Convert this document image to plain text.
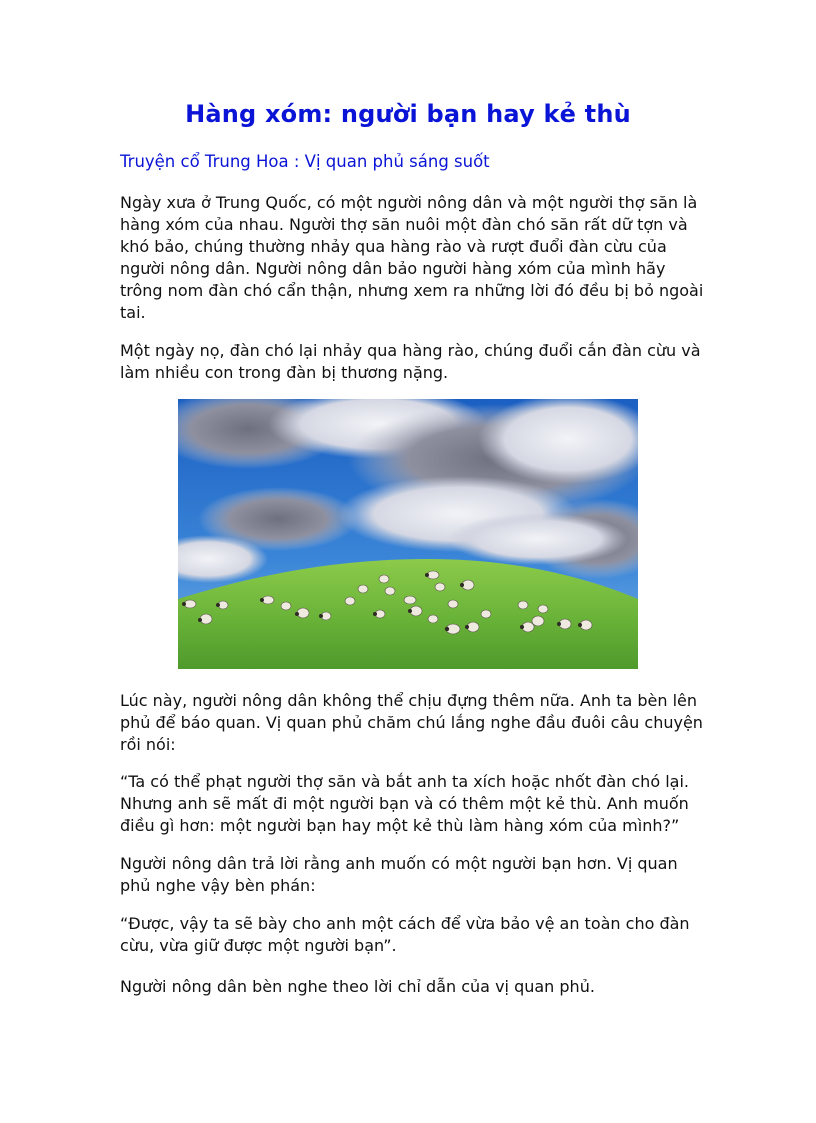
Hàng xóm: người bạn hay kẻ thù

Truyện cổ Trung Hoa : Vị quan phủ sáng suốt

Ngày xưa ở Trung Quốc, có một người nông dân và một người thợ săn là hàng xóm của nhau. Người thợ săn nuôi một đàn chó săn rất dữ tợn và khó bảo, chúng thường nhảy qua hàng rào và rượt đuổi đàn cừu của người nông dân. Người nông dân bảo người hàng xóm của mình hãy trông nom đàn chó cẩn thận, nhưng xem ra những lời đó đều bị bỏ ngoài tai.

Một ngày nọ, đàn chó lại nhảy qua hàng rào, chúng đuổi cắn đàn cừu và làm nhiều con trong đàn bị thương nặng.

Lúc này, người nông dân không thể chịu đựng thêm nữa. Anh ta bèn lên phủ để báo quan. Vị quan phủ chăm chú lắng nghe đầu đuôi câu chuyện rồi nói:

“Ta có thể phạt người thợ săn và bắt anh ta xích hoặc nhốt đàn chó lại. Nhưng anh sẽ mất đi một người bạn và có thêm một kẻ thù. Anh muốn điều gì hơn: một người bạn hay một kẻ thù làm hàng xóm của mình?”

Người nông dân trả lời rằng anh muốn có một người bạn hơn. Vị quan phủ nghe vậy bèn phán:

“Được, vậy ta sẽ bày cho anh một cách để vừa bảo vệ an toàn cho đàn cừu, vừa giữ được một người bạn”.

Người nông dân bèn nghe theo lời chỉ dẫn của vị quan phủ.
